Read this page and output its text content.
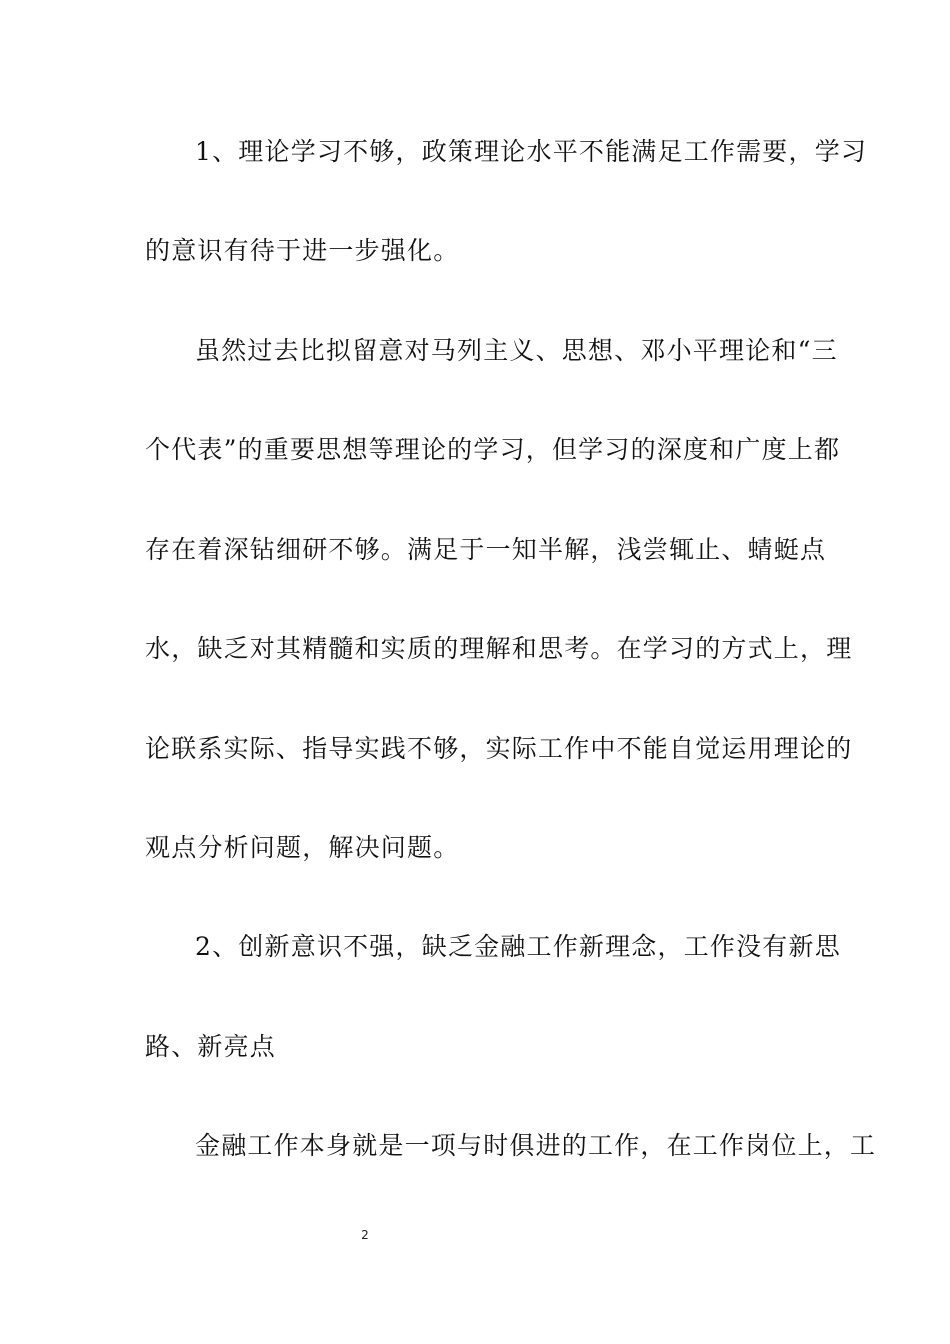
1、理论学习不够，政策理论水平不能满足工作需要，学习
的意识有待于进一步强化。
虽然过去比拟留意对马列主义、思想、邓小平理论和“三
个代表”的重要思想等理论的学习，但学习的深度和广度上都
存在着深钻细研不够。满足于一知半解，浅尝辄止、蜻蜓点
水，缺乏对其精髓和实质的理解和思考。在学习的方式上，理
论联系实际、指导实践不够，实际工作中不能自觉运用理论的
观点分析问题，解决问题。
2、创新意识不强，缺乏金融工作新理念，工作没有新思
路、新亮点
金融工作本身就是一项与时俱进的工作，在工作岗位上，工
2
